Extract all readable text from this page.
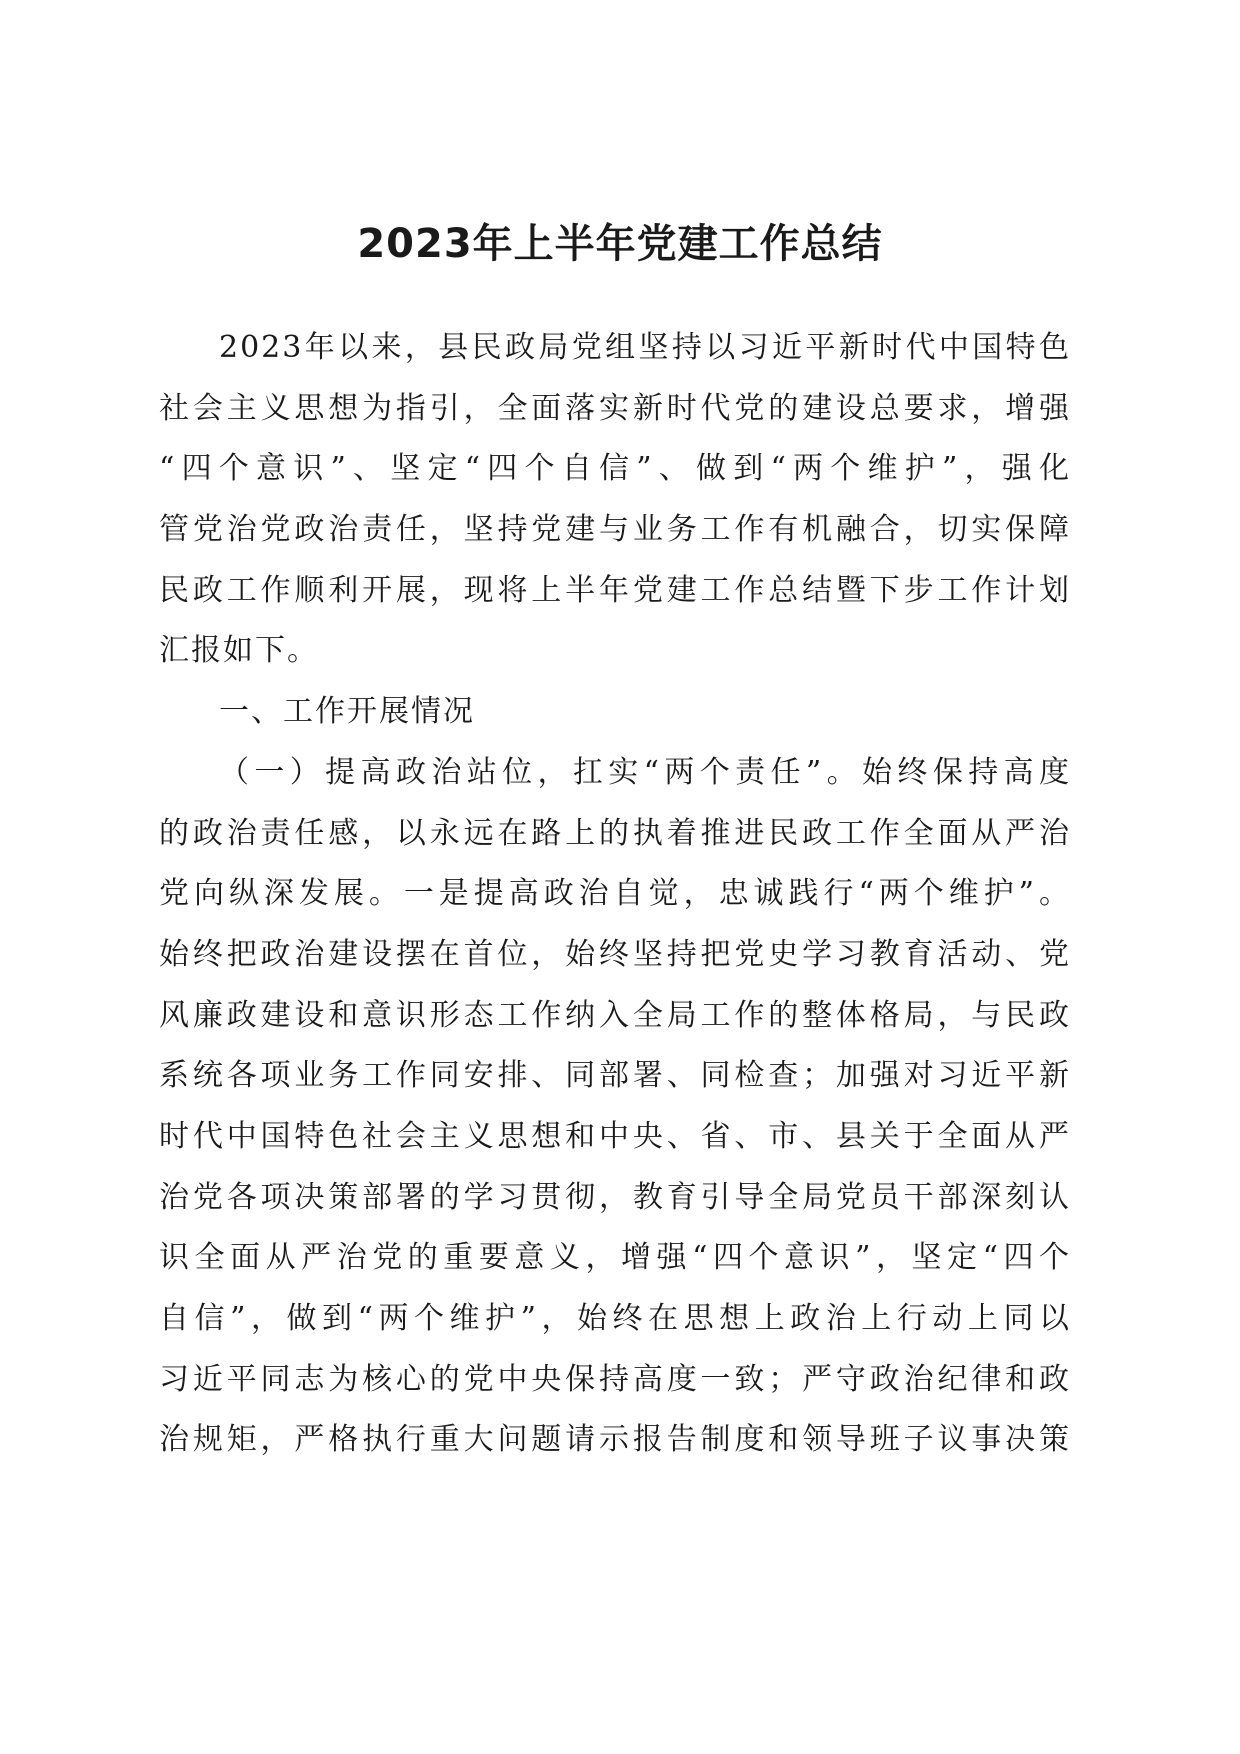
2023年上半年党建工作总结
2023年以来，县民政局党组坚持以习近平新时代中国特色
社会主义思想为指引，全面落实新时代党的建设总要求，增强
“四个意识”、坚定“四个自信”、做到“两个维护”，强化
管党治党政治责任，坚持党建与业务工作有机融合，切实保障
民政工作顺利开展，现将上半年党建工作总结暨下步工作计划
汇报如下。
一、工作开展情况
（一）提高政治站位，扛实“两个责任”。始终保持高度
的政治责任感，以永远在路上的执着推进民政工作全面从严治
党向纵深发展。一是提高政治自觉，忠诚践行“两个维护”。
始终把政治建设摆在首位，始终坚持把党史学习教育活动、党
风廉政建设和意识形态工作纳入全局工作的整体格局，与民政
系统各项业务工作同安排、同部署、同检查；加强对习近平新
时代中国特色社会主义思想和中央、省、市、县关于全面从严
治党各项决策部署的学习贯彻，教育引导全局党员干部深刻认
识全面从严治党的重要意义，增强“四个意识”，坚定“四个
自信”，做到“两个维护”，始终在思想上政治上行动上同以
习近平同志为核心的党中央保持高度一致；严守政治纪律和政
治规矩，严格执行重大问题请示报告制度和领导班子议事决策
